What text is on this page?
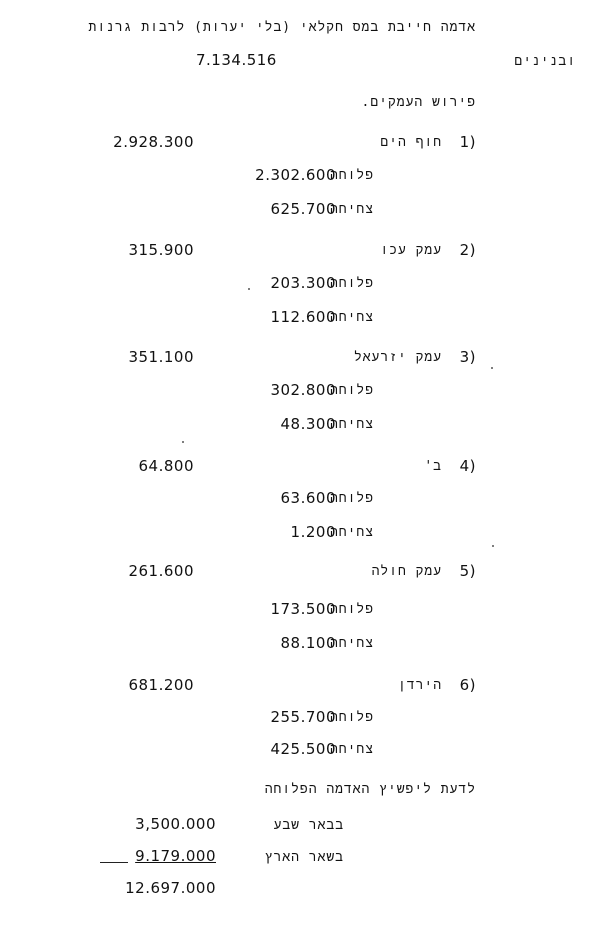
אדמה חייבת במס חקלאי (בלי יערות) לרבות גרנות
ובנינים
7.134.516
פירוש העמקים.
1)
חוף הים
2.928.300
פלוחה
2.302.600
צחיחה
625.700
2)
עמק עכו
315.900
פלוחה
203.300
צחיחה
112.600
3)
עמק יזרעאל
351.100
פלוחה
302.800
צחיחה
48.300
4)
ב'
64.800
פלוחה
63.600
צחיחה
1.200
5)
עמק חולה
261.600
פלוחה
173.500
צחיחה
88.100
6)
הירדן
681.200
פלוחה
255.700
צחיחה
425.500
לדעת ליפשיץ האדמה הפלוחה
בבאר שבע
3,500.000
בשאר הארץ
9.179.000
12.697.000
